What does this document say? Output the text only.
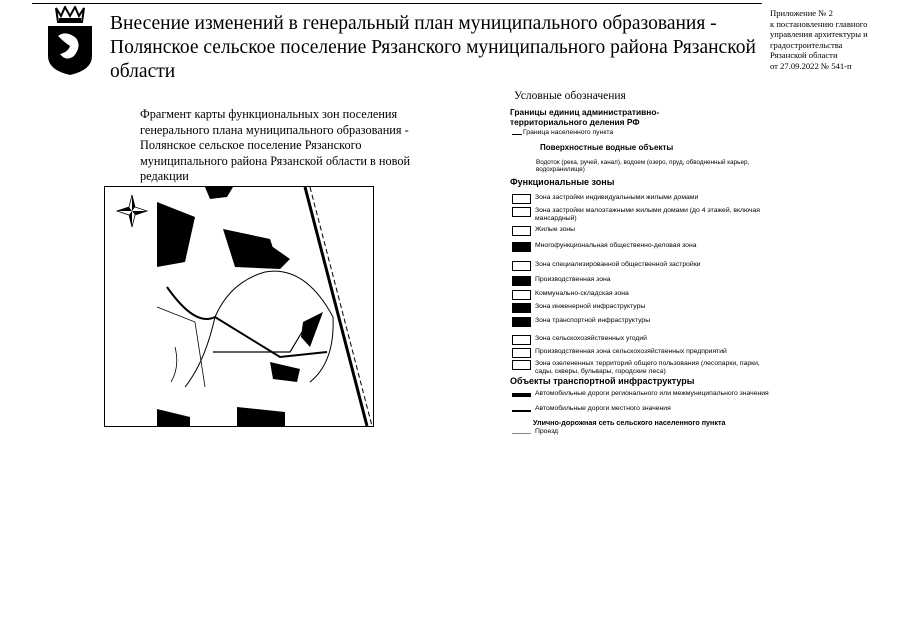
Внесение изменений в генеральный план муниципального образования - Полянское сельское поселение Рязанского муниципального района Рязанской области
Приложение № 2
к постановлению главного
управления архитектуры и
градостроительства
Рязанской области
от 27.09.2022 № 541-п
Фрагмент карты функциональных зон поселения генерального плана муниципального образования - Полянское сельское поселение Рязанского муниципального района Рязанской области в новой редакции
Условные обозначения
Границы единиц административно-территориального деления РФ
Граница населенного пункта
Поверхностные водные объекты
Водоток (река, ручей, канал), водоем (озеро, пруд, обводненный карьер, водохранилище)
Функциональные зоны
Зона застройки индивидуальными жилыми домами
Зона застройки малоэтажными жилыми домами (до 4 этажей, включая мансардный)
Жилые зоны
Многофункциональная общественно-деловая зона
Зона специализированной общественной застройки
Производственная зона
Коммунально-складская зона
Зона инженерной инфраструктуры
Зона транспортной инфраструктуры
Зона сельскохозяйственных угодий
Производственная зона сельскохозяйственных предприятий
Зона озелененных территорий общего пользования (лесопарки, парки, сады, скверы, бульвары, городские леса)
Объекты транспортной инфраструктуры
Автомобильные дороги регионального или межмуниципального значения
Автомобильные дороги местного значения
Улично-дорожная сеть сельского населенного пункта
Проезд
